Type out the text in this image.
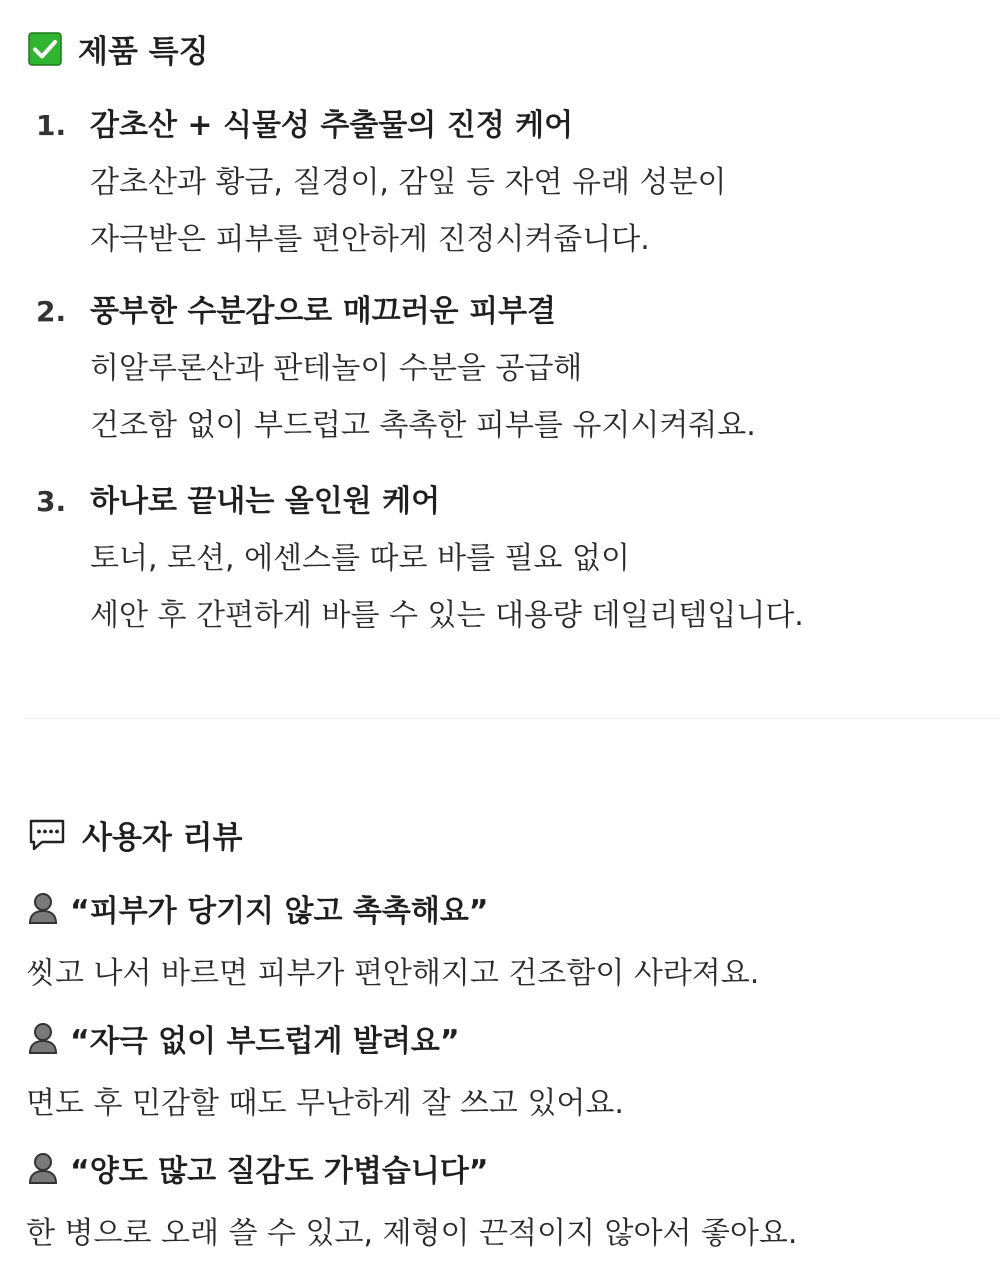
제품 특징
1. 감초산 + 식물성 추출물의 진정 케어
감초산과 황금, 질경이, 감잎 등 자연 유래 성분이
자극받은 피부를 편안하게 진정시켜줍니다.
2. 풍부한 수분감으로 매끄러운 피부결
히알루론산과 판테놀이 수분을 공급해
건조함 없이 부드럽고 촉촉한 피부를 유지시켜줘요.
3. 하나로 끝내는 올인원 케어
토너, 로션, 에센스를 따로 바를 필요 없이
세안 후 간편하게 바를 수 있는 대용량 데일리템입니다.
사용자 리뷰
“피부가 당기지 않고 촉촉해요”
씻고 나서 바르면 피부가 편안해지고 건조함이 사라져요.
“자극 없이 부드럽게 발려요”
면도 후 민감할 때도 무난하게 잘 쓰고 있어요.
“양도 많고 질감도 가볍습니다”
한 병으로 오래 쓸 수 있고, 제형이 끈적이지 않아서 좋아요.
